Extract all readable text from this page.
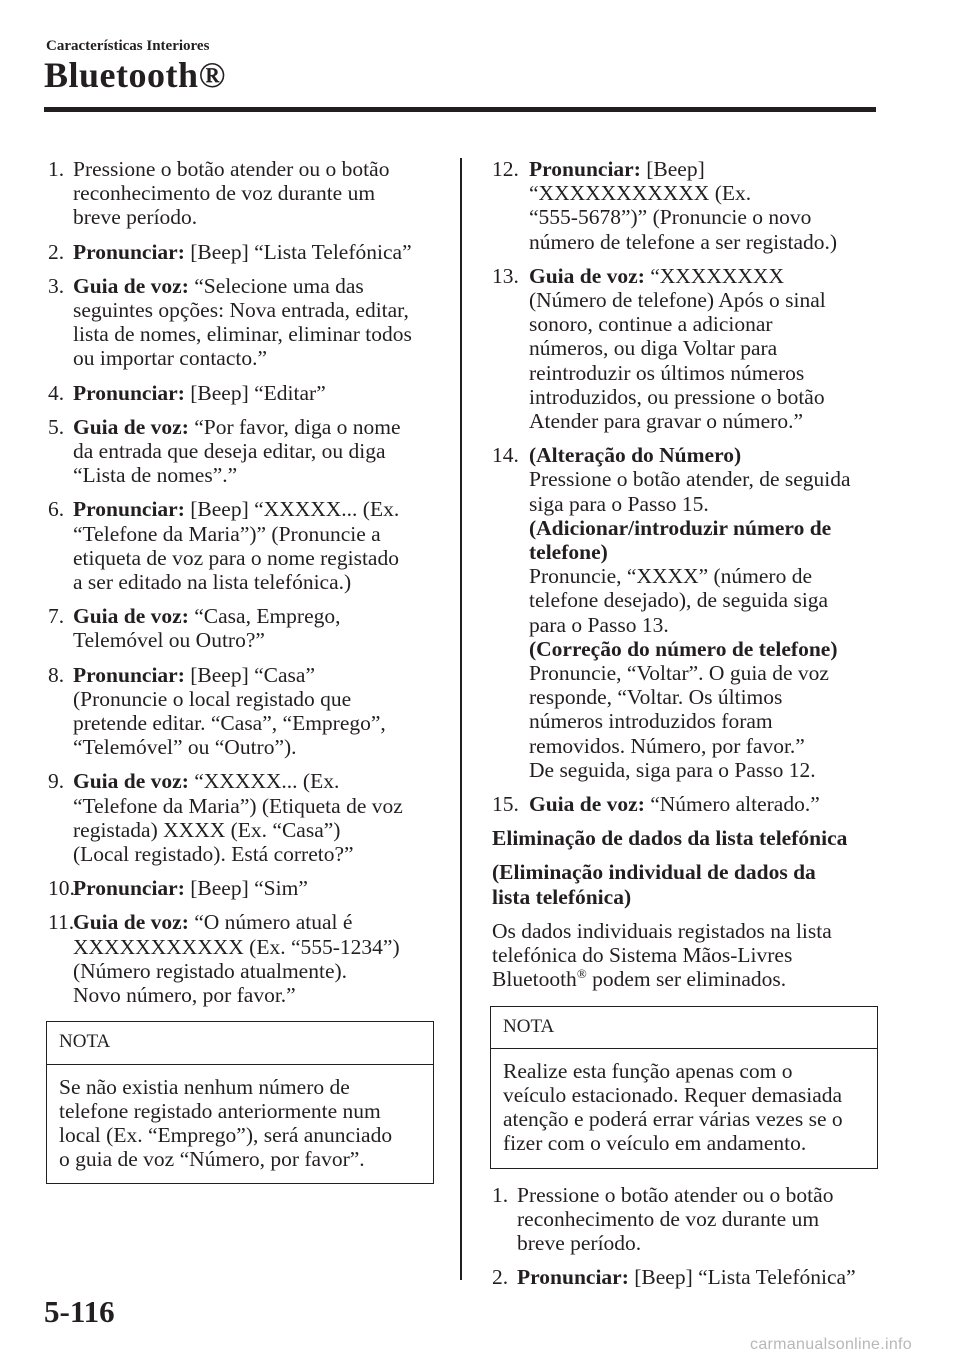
Características Interiores
Bluetooth®
1. Pressione o botão atender ou o botão
reconhecimento de voz durante um
breve período.
2. Pronunciar: [Beep] “Lista Telefónica”
3. Guia de voz: “Selecione uma das
seguintes opções: Nova entrada, editar,
lista de nomes, eliminar, eliminar todos
ou importar contacto.”
4. Pronunciar: [Beep] “Editar”
5. Guia de voz: “Por favor, diga o nome
da entrada que deseja editar, ou diga
“Lista de nomes”.”
6. Pronunciar: [Beep] “XXXXX... (Ex.
“Telefone da Maria”)” (Pronuncie a
etiqueta de voz para o nome registado
a ser editado na lista telefónica.)
7. Guia de voz: “Casa, Emprego,
Telemóvel ou Outro?”
8. Pronunciar: [Beep] “Casa”
(Pronuncie o local registado que
pretende editar. “Casa”, “Emprego”,
“Telemóvel” ou “Outro”).
9. Guia de voz: “XXXXX... (Ex.
“Telefone da Maria”) (Etiqueta de voz
registada) XXXX (Ex. “Casa”)
(Local registado). Está correto?”
10.
Pronunciar: [Beep] “Sim”
11.
Guia de voz: “O número atual é
XXXXXXXXXXX (Ex. “555-1234”)
(Número registado atualmente).
Novo número, por favor.”
NOTA
Se não existia nenhum número de
telefone registado anteriormente num
local (Ex. “Emprego”), será anunciado
o guia de voz “Número, por favor”.
12. Pronunciar: [Beep]
“XXXXXXXXXXX (Ex.
“555-5678”)” (Pronuncie o novo
número de telefone a ser registado.)
13. Guia de voz: “XXXXXXXX
(Número de telefone) Após o sinal
sonoro, continue a adicionar
números, ou diga Voltar para
reintroduzir os últimos números
introduzidos, ou pressione o botão
Atender para gravar o número.”
14. (Alteração do Número)
Pressione o botão atender, de seguida
siga para o Passo 15.
(Adicionar/introduzir número de
telefone)
Pronuncie, “XXXX” (número de
telefone desejado), de seguida siga
para o Passo 13.
(Correção do número de telefone)
Pronuncie, “Voltar”. O guia de voz
responde, “Voltar. Os últimos
números introduzidos foram
removidos. Número, por favor.”
De seguida, siga para o Passo 12.
15. Guia de voz: “Número alterado.”
Eliminação de dados da lista telefónica
(Eliminação individual de dados da
lista telefónica)
Os dados individuais registados na lista
telefónica do Sistema Mãos-Livres
Bluetooth® podem ser eliminados.
NOTA
Realize esta função apenas com o
veículo estacionado. Requer demasiada
atenção e poderá errar várias vezes se o
fizer com o veículo em andamento.
1. Pressione o botão atender ou o botão
reconhecimento de voz durante um
breve período.
2. Pronunciar: [Beep] “Lista Telefónica”
5-116
carmanualsonline.info
